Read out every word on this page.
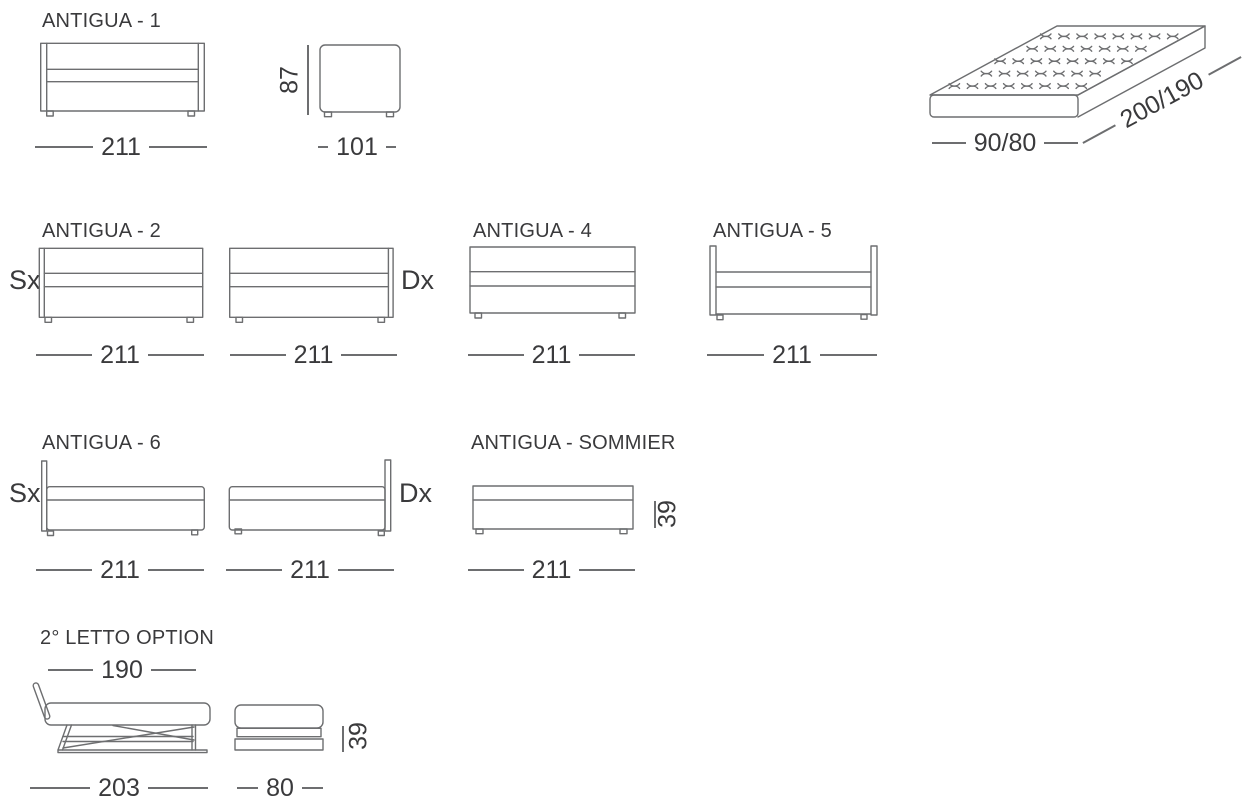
ANTIGUA - 1
211
87
101	90/80
200/190
ANTIGUA - 2
Sx	Dx
211	211
ANTIGUA - 4
211
ANTIGUA - 5
211
ANTIGUA - 6
Sx	Dx
211	211
ANTIGUA - SOMMIER
39
211
2° LETTO OPTION
190
203
39
80
